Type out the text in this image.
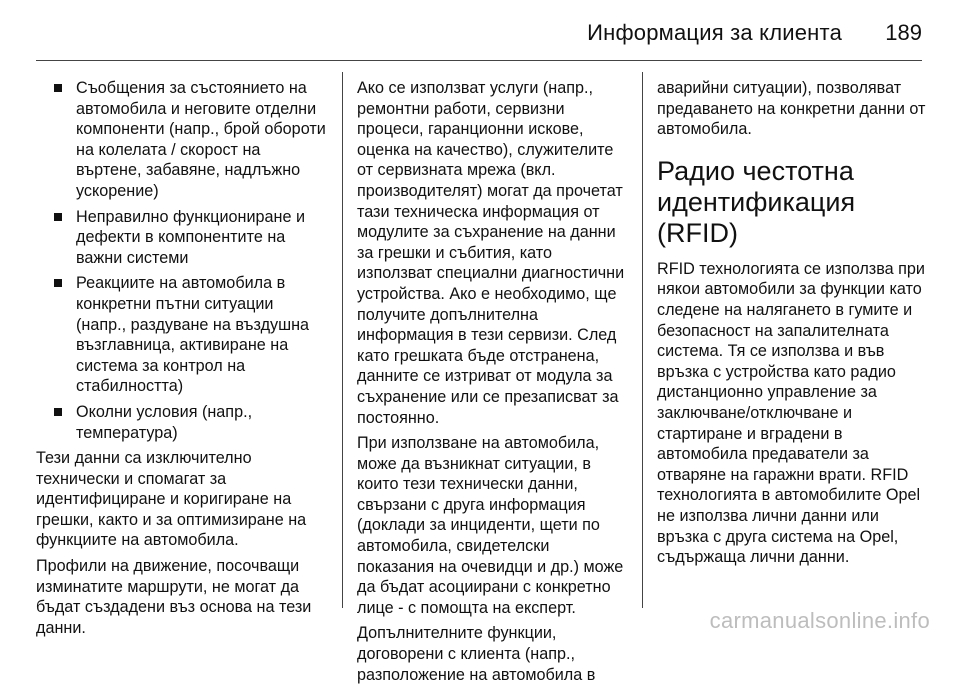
Информация за клиента 189
Съобщения за състоянието на автомобила и неговите отделни компоненти (напр., брой обороти на колелата / скорост на въртене, забавяне, надлъжно ускорение)
Неправилно функциониране и дефекти в компонентите на важни системи
Реакциите на автомобила в конкретни пътни ситуации (напр., раздуване на въздушна възглавница, активиране на система за контрол на стабилността)
Околни условия (напр., температура)

Тези данни са изключително технически и спомагат за идентифициране и коригиране на грешки, както и за оптимизиране на функциите на автомобила.

Профили на движение, посочващи изминатите маршрути, не могат да бъдат създадени въз основа на тези данни.

Ако се използват услуги (напр., ремонтни работи, сервизни процеси, гаранционни искове, оценка на качество), служителите от сервизната мрежа (вкл. производителят) могат да прочетат тази техническа информация от модулите за съхранение на данни за грешки и събития, като използват специални диагностични устройства. Ако е необходимо, ще получите допълнителна информация в тези сервизи. След като грешката бъде отстранена, данните се изтриват от модула за съхранение или се презаписват за постоянно.

При използване на автомобила, може да възникнат ситуации, в които тези технически данни, свързани с друга информация (доклади за инциденти, щети по автомобила, свидетелски показания на очевидци и др.) може да бъдат асоциирани с конкретно лице - с помощта на експерт.

Допълнителните функции, договорени с клиента (напр., разположение на автомобила в

аварийни ситуации), позволяват предаването на конкретни данни от автомобила.

Радио честотна идентификация (RFID)

RFID технологията се използва при някои автомобили за функции като следене на налягането в гумите и безопасност на запалителната система. Тя се използва и във връзка с устройства като радио дистанционно управление за заключване/отключване и стартиране и вградени в автомобила предаватели за отваряне на гаражни врати. RFID технологията в автомобилите Opel не използва лични данни или връзка с друга система на Opel, съдържаща лични данни.

carmanualsonline.info
